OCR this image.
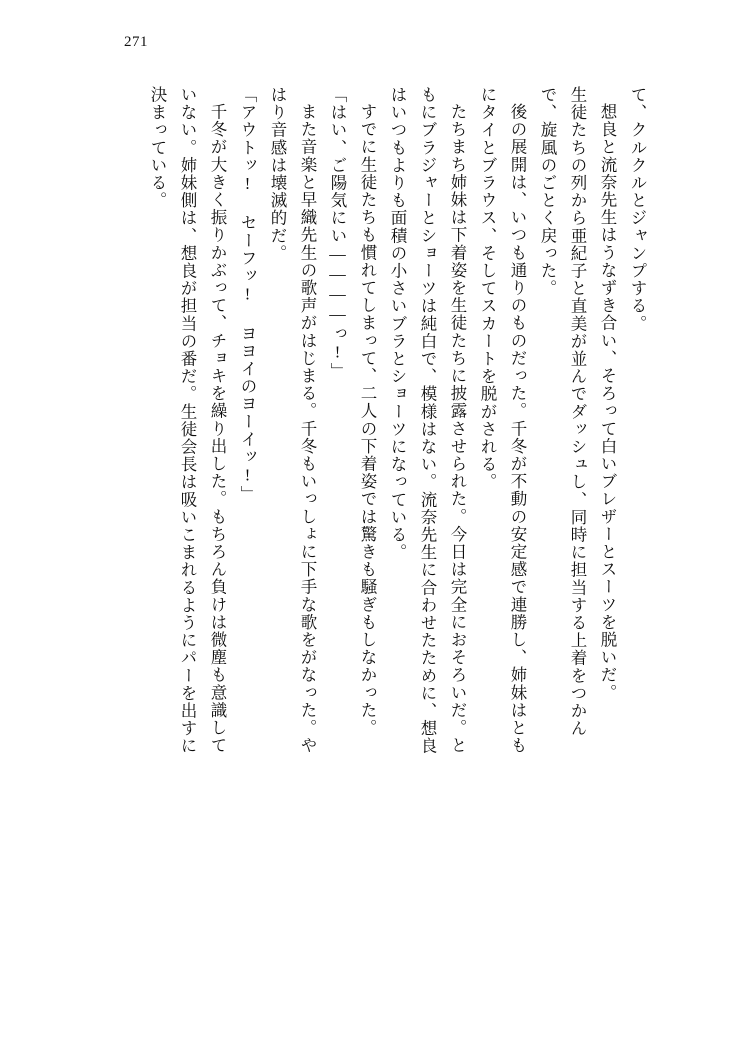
271
て、クルクルとジャンプする。
想良と流奈先生はうなずき合い、そろって白いブレザーとスーツを脱いだ。
生徒たちの列から亜紀子と直美が並んでダッシュし、同時に担当する上着をつかん
で、旋風のごとく戻った。
後の展開は、いつも通りのものだった。千冬が不動の安定感で連勝し、姉妹はとも
にタイとブラウス、そしてスカートを脱がされる。
たちまち姉妹は下着姿を生徒たちに披露させられた。今日は完全におそろいだ。と
もにブラジャーとショーツは純白で、模様はない。流奈先生に合わせたために、想良
はいつもよりも面積の小さいブラとショーツになっている。
すでに生徒たちも慣れてしまって、二人の下着姿では驚きも騒ぎもしなかった。
「はい、ご陽気にい――――っ!」
また音楽と早織先生の歌声がはじまる。千冬もいっしょに下手な歌をがなった。や
はり音感は壊滅的だ。
「アウトッ! セーフッ! ヨヨイのヨーイッ!」
千冬が大きく振りかぶって、チョキを繰り出した。もちろん負けは微塵も意識して
いない。姉妹側は、想良が担当の番だ。生徒会長は吸いこまれるようにパーを出すに
決まっている。
